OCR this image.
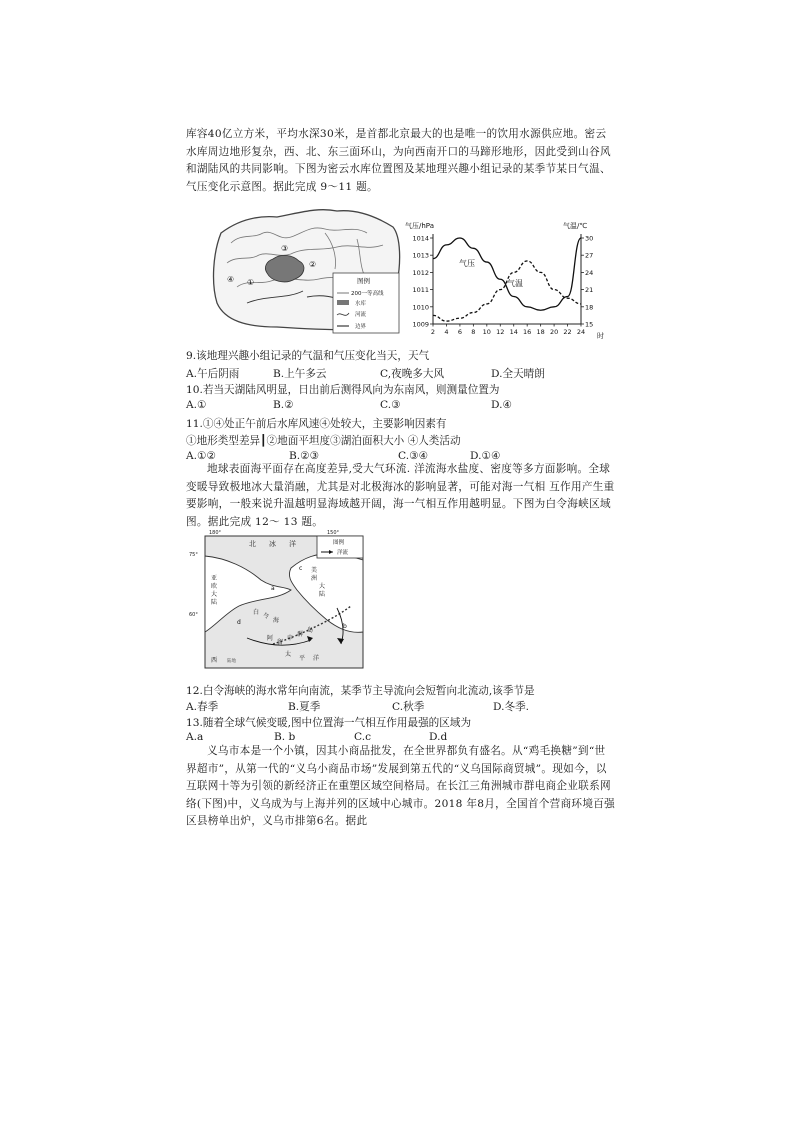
库容40亿立方米，平均水深30米，是首都北京最大的也是唯一的饮用水源供应地。密云水库周边地形复杂，西、北、东三面环山，为向西南开口的马蹄形地形，因此受到山谷风和湖陆风的共同影响。下图为密云水库位置图及某地理兴趣小组记录的某季节某日气温、气压变化示意图。据此完成 9～11 题。
④ ①
②
③
图例
200一等高线
水库
河流
边界
气压/hPa	气温/℃
1014
1013
1012
1011
1010
1009
30
27
24
21
18
15
2 4 6 8 10 12 14 16 18 20 22 24 时
气压
气温
9.该地理兴趣小组记录的气温和气压变化当天，天气
A.午后阴雨	B.上午多云	C,夜晚多大风	D.全天晴朗
10.若当天湖陆风明显，日出前后测得风向为东南风，则测量位置为
A.①	B.②	C.③	D.④
11.①④处正午前后水库风速④处较大，主要影响因素有
①地形类型差异┃②地面平坦度③湖泊面积大小 ④人类活动
A.①②	B.②③	C.③④	D.①④
地球表面海平面存在高度差异,受大气环流. 洋流海水盐度、密度等多方面影响。全球变暖导致极地冰大量消融，尤其是对北极海冰的影响显著，可能对海一气相 互作用产生重要影响，一般来说升温越明显海域越开阔，海一气相互作用越明显。下图为白令海峡区域图。据此完成 12～ 13 题。
180°	150°
75°
60°
图例
洋流
北 冰 洋
亚
欧
大
陆
美
洲
大
陆
白
令
海
阿
留
申
群
岛
太
平 洋
a
b
c
d
西 陆地
12.白令海峡的海水常年向南流，某季节主导流向会短暂向北流动,该季节是
A.春季	B.夏季	C.秋季	D.冬季.
13.随着全球气候变暖,图中位置海一气相互作用最强的区域为
A.a	B. b	C.c	D.d
义乌市本是一个小镇，因其小商品批发，在全世界都负有盛名。从“鸡毛换糖”到“世界超市”，从第一代的“义乌小商品市场”发展到第五代的“义乌国际商贸城”。现如今，以互联网十等为引领的新经济正在重塑区域空间格局。在长江三角洲城市群电商企业联系网络(下图)中，义乌成为与上海并列的区域中心城市。2018 年8月，全国首个营商环境百强区县榜单出炉，义乌市排第6名。据此
